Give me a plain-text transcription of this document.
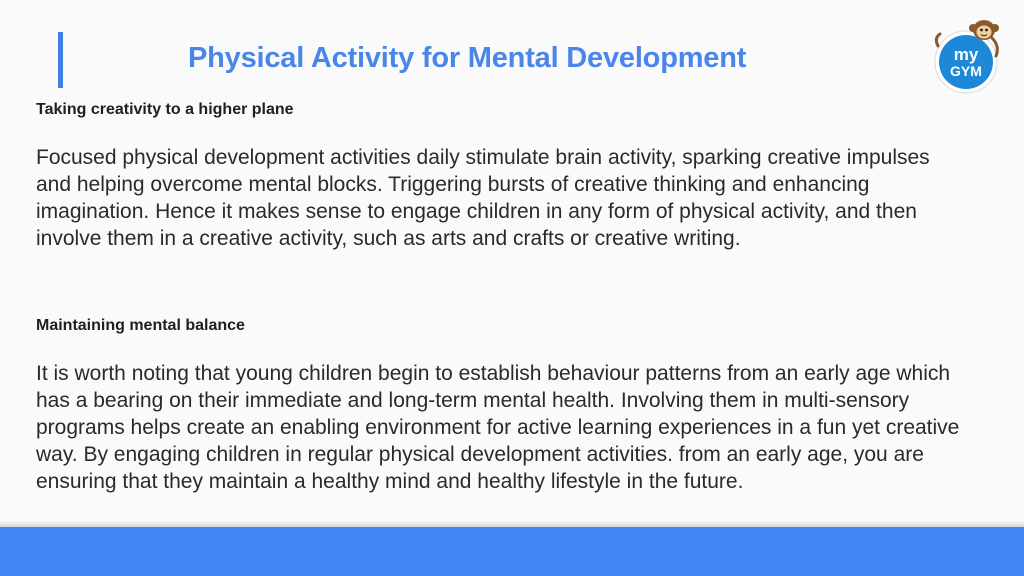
Physical Activity for Mental Development	my
GYM
Taking creativity to a higher plane

Focused physical development activities daily stimulate brain activity, sparking creative impulses and helping overcome mental blocks. Triggering bursts of creative thinking and enhancing imagination. Hence it makes sense to engage children in any form of physical activity, and then involve them in a creative activity, such as arts and crafts or creative writing.

Maintaining mental balance

It is worth noting that young children begin to establish behaviour patterns from an early age which has a bearing on their immediate and long-term mental health. Involving them in multi-sensory programs helps create an enabling environment for active learning experiences in a fun yet creative way. By engaging children in regular physical development activities. from an early age, you are ensuring that they maintain a healthy mind and healthy lifestyle in the future.
